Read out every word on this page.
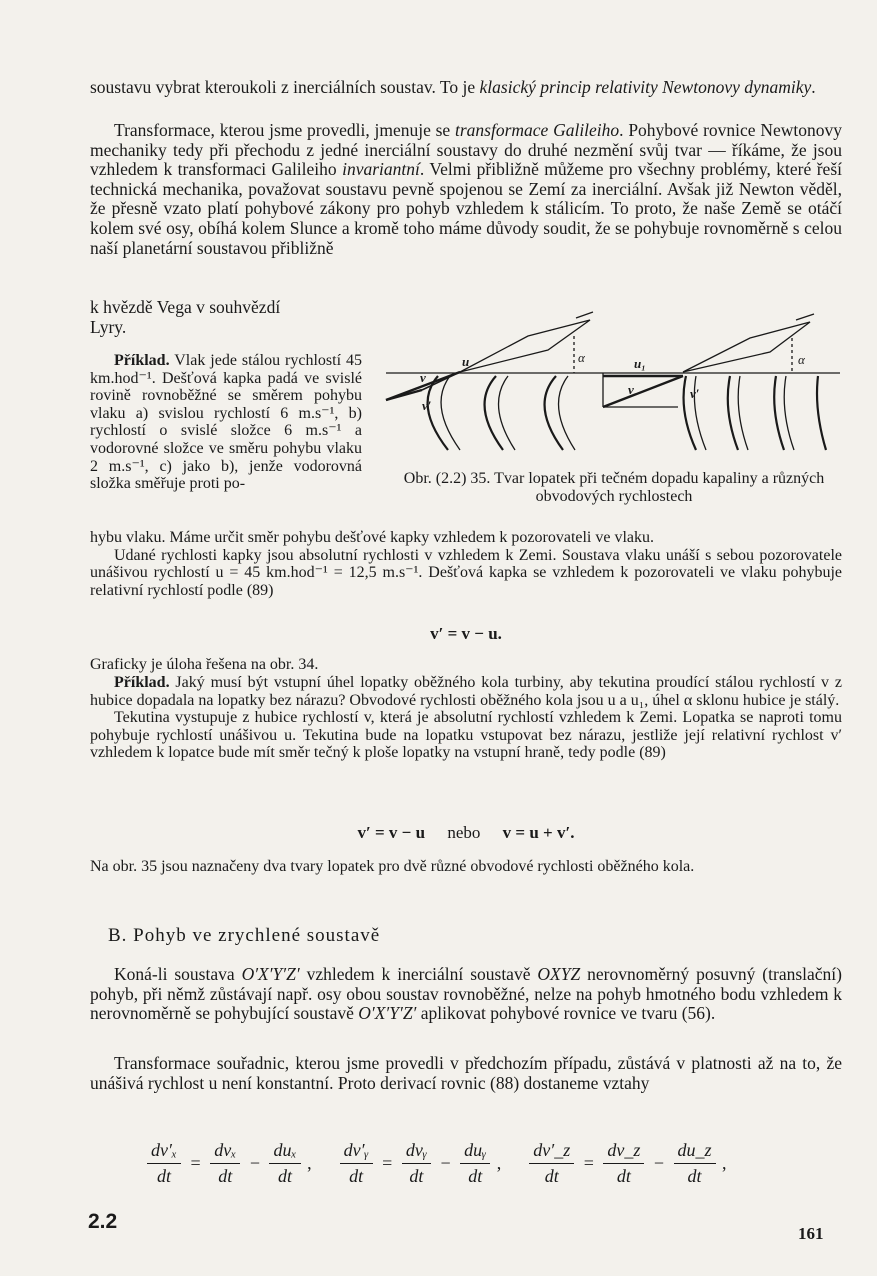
soustavu vybrat kteroukoli z inerciálních soustav. To je klasický princip relativity Newtonovy dynamiky.

Transformace, kterou jsme provedli, jmenuje se transformace Galileiho. Pohybové rovnice Newtonovy mechaniky tedy při přechodu z jedné inerciální soustavy do druhé nezmění svůj tvar — říkáme, že jsou vzhledem k transformaci Galileiho invariantní. Velmi přibližně můžeme pro všechny problémy, které řeší technická mechanika, považovat soustavu pevně spojenou se Zemí za inerciální. Avšak již Newton věděl, že přesně vzato platí pohybové zákony pro pohyb vzhledem k stálicím. To proto, že naše Země se otáčí kolem své osy, obíhá kolem Slunce a kromě toho máme důvody soudit, že se pohybuje rovnoměrně s celou naší planetární soustavou přibližně

k hvězdě Vega v souhvězdí
Lyry.

Příklad. Vlak jede stálou rychlostí 45 km.hod⁻¹. Dešťová kapka padá ve svislé rovině rovnoběžné se směrem pohybu vlaku a) svislou rychlostí 6 m.s⁻¹, b) rychlostí o svislé složce 6 m.s⁻¹ a vodorovné složce ve směru pohybu vlaku 2 m.s⁻¹, c) jako b), jenže vodorovná složka směřuje proti po-

u
v
v′
α	u₁
v	v′
α
Obr. (2.2) 35. Tvar lopatek při tečném dopadu kapaliny a různých obvodových rychlostech

hybu vlaku. Máme určit směr pohybu dešťové kapky vzhledem k pozorovateli ve vlaku.

Udané rychlosti kapky jsou absolutní rychlosti v vzhledem k Zemi. Soustava vlaku unáší s sebou pozorovatele unášivou rychlostí u = 45 km.hod⁻¹ = 12,5 m.s⁻¹. Dešťová kapka se vzhledem k pozorovateli ve vlaku pohybuje relativní rychlostí podle (89)

v′ = v − u.

Graficky je úloha řešena na obr. 34.

Příklad. Jaký musí být vstupní úhel lopatky oběžného kola turbiny, aby tekutina proudící stálou rychlostí v z hubice dopadala na lopatky bez nárazu? Obvodové rychlosti oběžného kola jsou u a u₁, úhel α sklonu hubice je stálý.

Tekutina vystupuje z hubice rychlostí v, která je absolutní rychlostí vzhledem k Zemi. Lopatka se naproti tomu pohybuje rychlostí unášivou u. Tekutina bude na lopatku vstupovat bez nárazu, jestliže její relativní rychlost v′ vzhledem k lopatce bude mít směr tečný k ploše lopatky na vstupní hraně, tedy podle (89)

v′ = v − u nebo v = u + v′.

Na obr. 35 jsou naznačeny dva tvary lopatek pro dvě různé obvodové rychlosti oběžného kola.

B. Pohyb ve zrychlené soustavě

Koná-li soustava O′X′Y′Z′ vzhledem k inerciální soustavě OXYZ nerovnoměrný posuvný (translační) pohyb, při němž zůstávají např. osy obou soustav rovnoběžné, nelze na pohyb hmotného bodu vzhledem k nerovnoměrně se pohybující soustavě O′X′Y′Z′ aplikovat pohybové rovnice ve tvaru (56).

Transformace souřadnic, kterou jsme provedli v předchozím případu, zůstává v platnosti až na to, že unášivá rychlost u není konstantní. Proto derivací rovnic (88) dostaneme vztahy

$\frac{\text{dv′ₓ}}{dt} = \frac{\text{dvₓ}}{dt} - \frac{\text{duₓ}}{dt}$ , $\frac{\text{dv′ᵧ}}{dt} = \frac{\text{dvᵧ}}{dt} - \frac{\text{duᵧ}}{dt}$ , $\frac{dv'\_z}{dt} = \frac{dv\_z}{dt} - \frac{du\_z}{dt}$ ,
2.2
161
